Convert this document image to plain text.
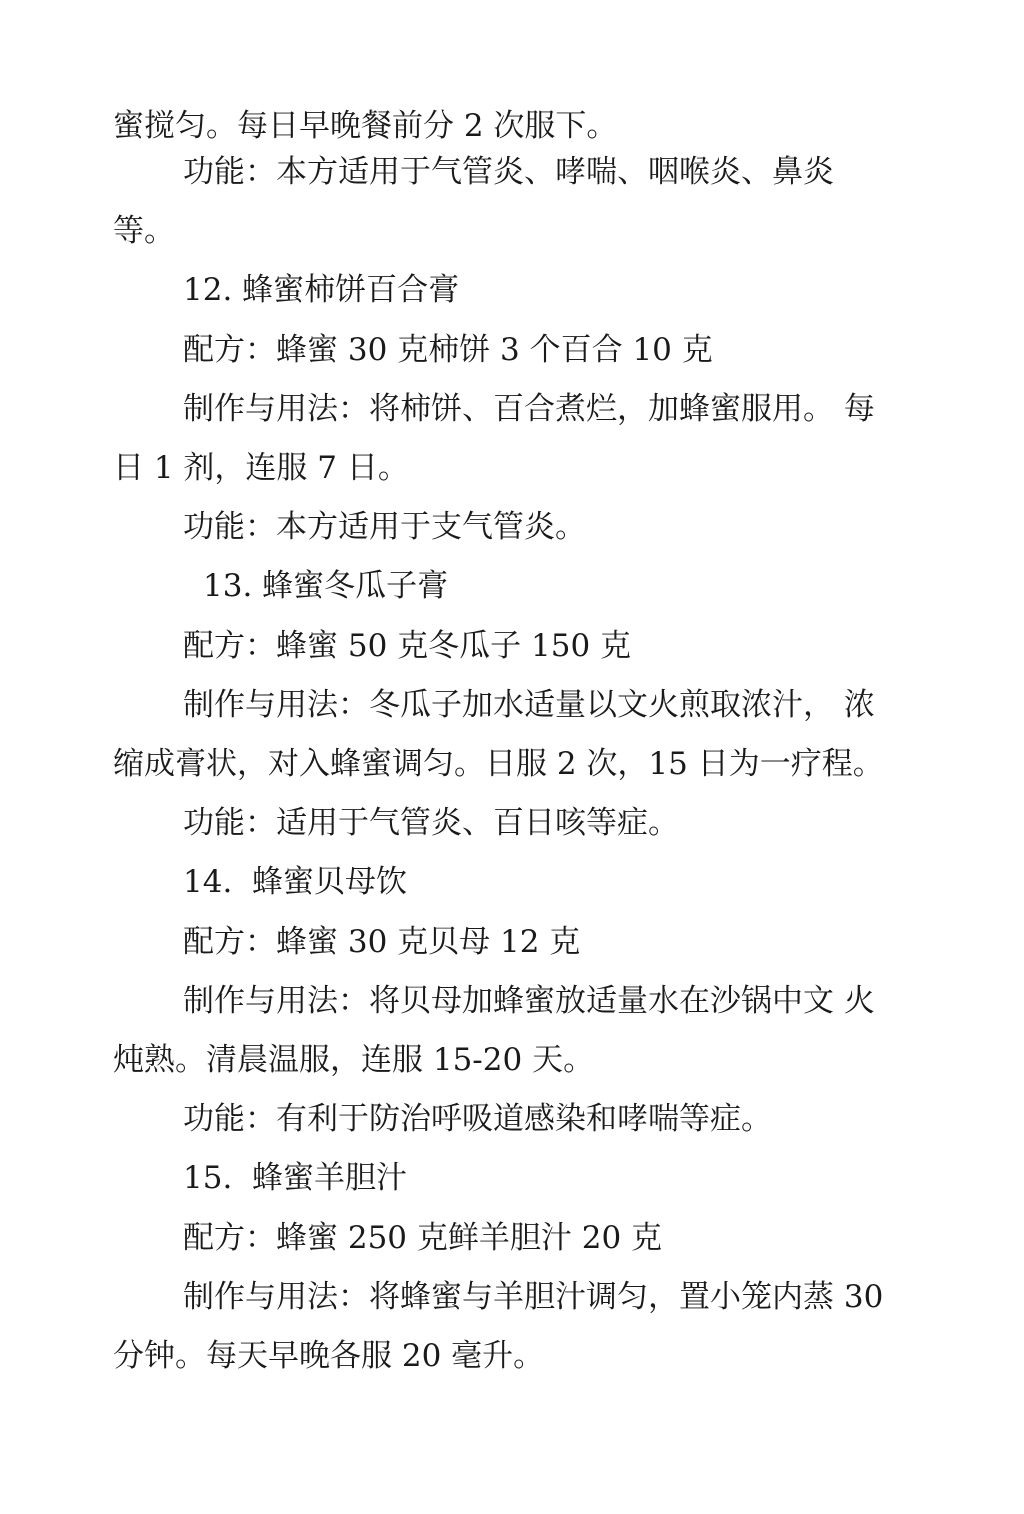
蜜搅匀。每日早晚餐前分 2 次服下。
功能：本方适用于气管炎、哮喘、咽喉炎、鼻炎
等。
12. 蜂蜜柿饼百合膏
配方：蜂蜜 30 克柿饼 3 个百合 10 克
制作与用法：将柿饼、百合煮烂，加蜂蜜服用。 每
日 1 剂，连服 7 日。
功能：本方适用于支气管炎。
13. 蜂蜜冬瓜子膏
配方：蜂蜜 50 克冬瓜子 150 克
制作与用法：冬瓜子加水适量以文火煎取浓汁， 浓
缩成膏状，对入蜂蜜调匀。日服 2 次，15 日为一疗程。
功能：适用于气管炎、百日咳等症。
14.  蜂蜜贝母饮
配方：蜂蜜 30 克贝母 12 克
制作与用法：将贝母加蜂蜜放适量水在沙锅中文 火
炖熟。清晨温服，连服 15-20 天。
功能：有利于防治呼吸道感染和哮喘等症。
15.  蜂蜜羊胆汁
配方：蜂蜜 250 克鲜羊胆汁 20 克
制作与用法：将蜂蜜与羊胆汁调匀，置小笼内蒸 30
分钟。每天早晚各服 20 毫升。
